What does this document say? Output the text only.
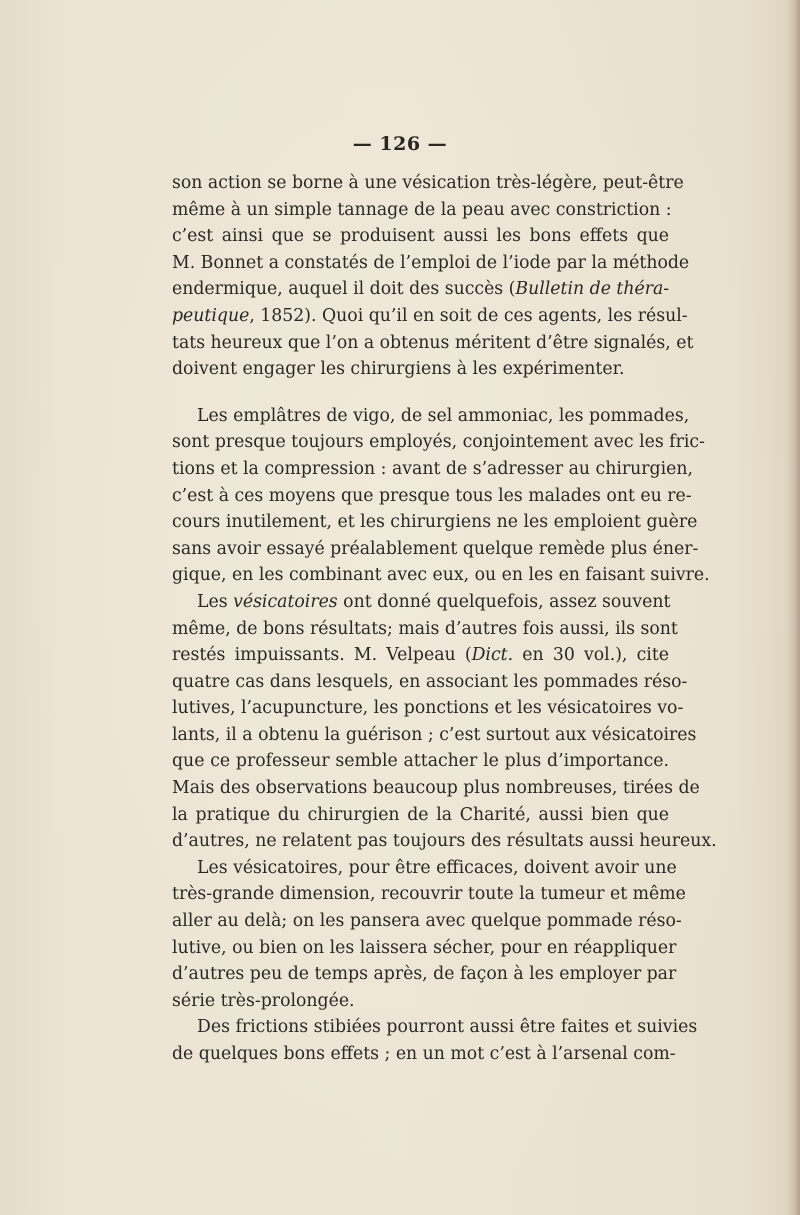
— 126 —
son action se borne à une vésication très-légère, peut-être
même à un simple tannage de la peau avec constriction :
c’est ainsi que se produisent aussi les bons effets que
M. Bonnet a constatés de l’emploi de l’iode par la méthode
endermique, auquel il doit des succès (Bulletin de théra-
peutique, 1852). Quoi qu’il en soit de ces agents, les résul-
tats heureux que l’on a obtenus méritent d’être signalés, et
doivent engager les chirurgiens à les expérimenter.
Les emplâtres de vigo, de sel ammoniac, les pommades,
sont presque toujours employés, conjointement avec les fric-
tions et la compression : avant de s’adresser au chirurgien,
c’est à ces moyens que presque tous les malades ont eu re-
cours inutilement, et les chirurgiens ne les emploient guère
sans avoir essayé préalablement quelque remède plus éner-
gique, en les combinant avec eux, ou en les en faisant suivre.
Les vésicatoires ont donné quelquefois, assez souvent
même, de bons résultats; mais d’autres fois aussi, ils sont
restés impuissants. M. Velpeau (Dict. en 30 vol.), cite
quatre cas dans lesquels, en associant les pommades réso-
lutives, l’acupuncture, les ponctions et les vésicatoires vo-
lants, il a obtenu la guérison ; c’est surtout aux vésicatoires
que ce professeur semble attacher le plus d’importance.
Mais des observations beaucoup plus nombreuses, tirées de
la pratique du chirurgien de la Charité, aussi bien que
d’autres, ne relatent pas toujours des résultats aussi heureux.
Les vésicatoires, pour être efficaces, doivent avoir une
très-grande dimension, recouvrir toute la tumeur et même
aller au delà; on les pansera avec quelque pommade réso-
lutive, ou bien on les laissera sécher, pour en réappliquer
d’autres peu de temps après, de façon à les employer par
série très-prolongée.
Des frictions stibiées pourront aussi être faites et suivies
de quelques bons effets ; en un mot c’est à l’arsenal com-
